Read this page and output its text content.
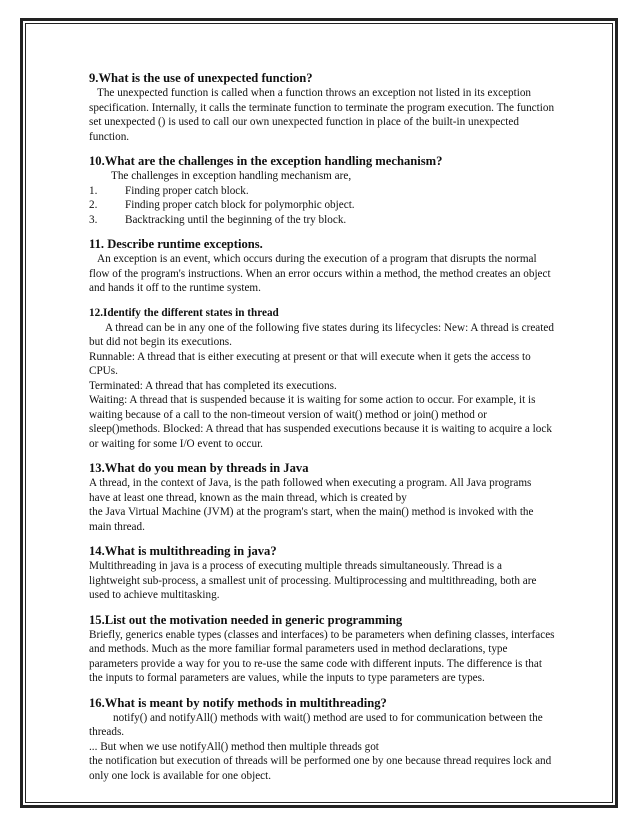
9.What is the use of unexpected function?

The unexpected function is called when a function throws an exception not listed in its exception specification. Internally, it calls the terminate function to terminate the program execution. The function set unexpected () is used to call our own unexpected function in place of the built-in unexpected function.

10.What are the challenges in the exception handling mechanism?

The challenges in exception handling mechanism are,

1.	Finding proper catch block.
2.	Finding proper catch block for polymorphic object.
3.	Backtracking until the beginning of the try block.
11. Describe runtime exceptions.

An exception is an event, which occurs during the execution of a program that disrupts the normal flow of the program's instructions. When an error occurs within a method, the method creates an object and hands it off to the runtime system.

12.Identify the different states in thread

A thread can be in any one of the following five states during its lifecycles: New: A thread is created but did not begin its executions.

Runnable: A thread that is either executing at present or that will execute when it gets the access to CPUs.

Terminated: A thread that has completed its executions.

Waiting: A thread that is suspended because it is waiting for some action to occur. For example, it is waiting because of a call to the non-timeout version of wait() method or join() method or sleep()methods. Blocked: A thread that has suspended executions because it is waiting to acquire a lock or waiting for some I/O event to occur.

13.What do you mean by threads in Java

A thread, in the context of Java, is the path followed when executing a program. All Java programs have at least one thread, known as the main thread, which is created by

the Java Virtual Machine (JVM) at the program's start, when the main() method is invoked with the main thread.

14.What is multithreading in java?

Multithreading in java is a process of executing multiple threads simultaneously. Thread is a lightweight sub-process, a smallest unit of processing. Multiprocessing and multithreading, both are used to achieve multitasking.

15.List out the motivation needed in generic programming

Briefly, generics enable types (classes and interfaces) to be parameters when defining classes, interfaces and methods. Much as the more familiar formal parameters used in method declarations, type parameters provide a way for you to re-use the same code with different inputs. The difference is that the inputs to formal parameters are values, while the inputs to type parameters are types.

16.What is meant by notify methods in multithreading?

notify() and notifyAll() methods with wait() method are used to for communication between the threads.

... But when we use notifyAll() method then multiple threads got

the notification but execution of threads will be performed one by one because thread requires lock and only one lock is available for one object.
